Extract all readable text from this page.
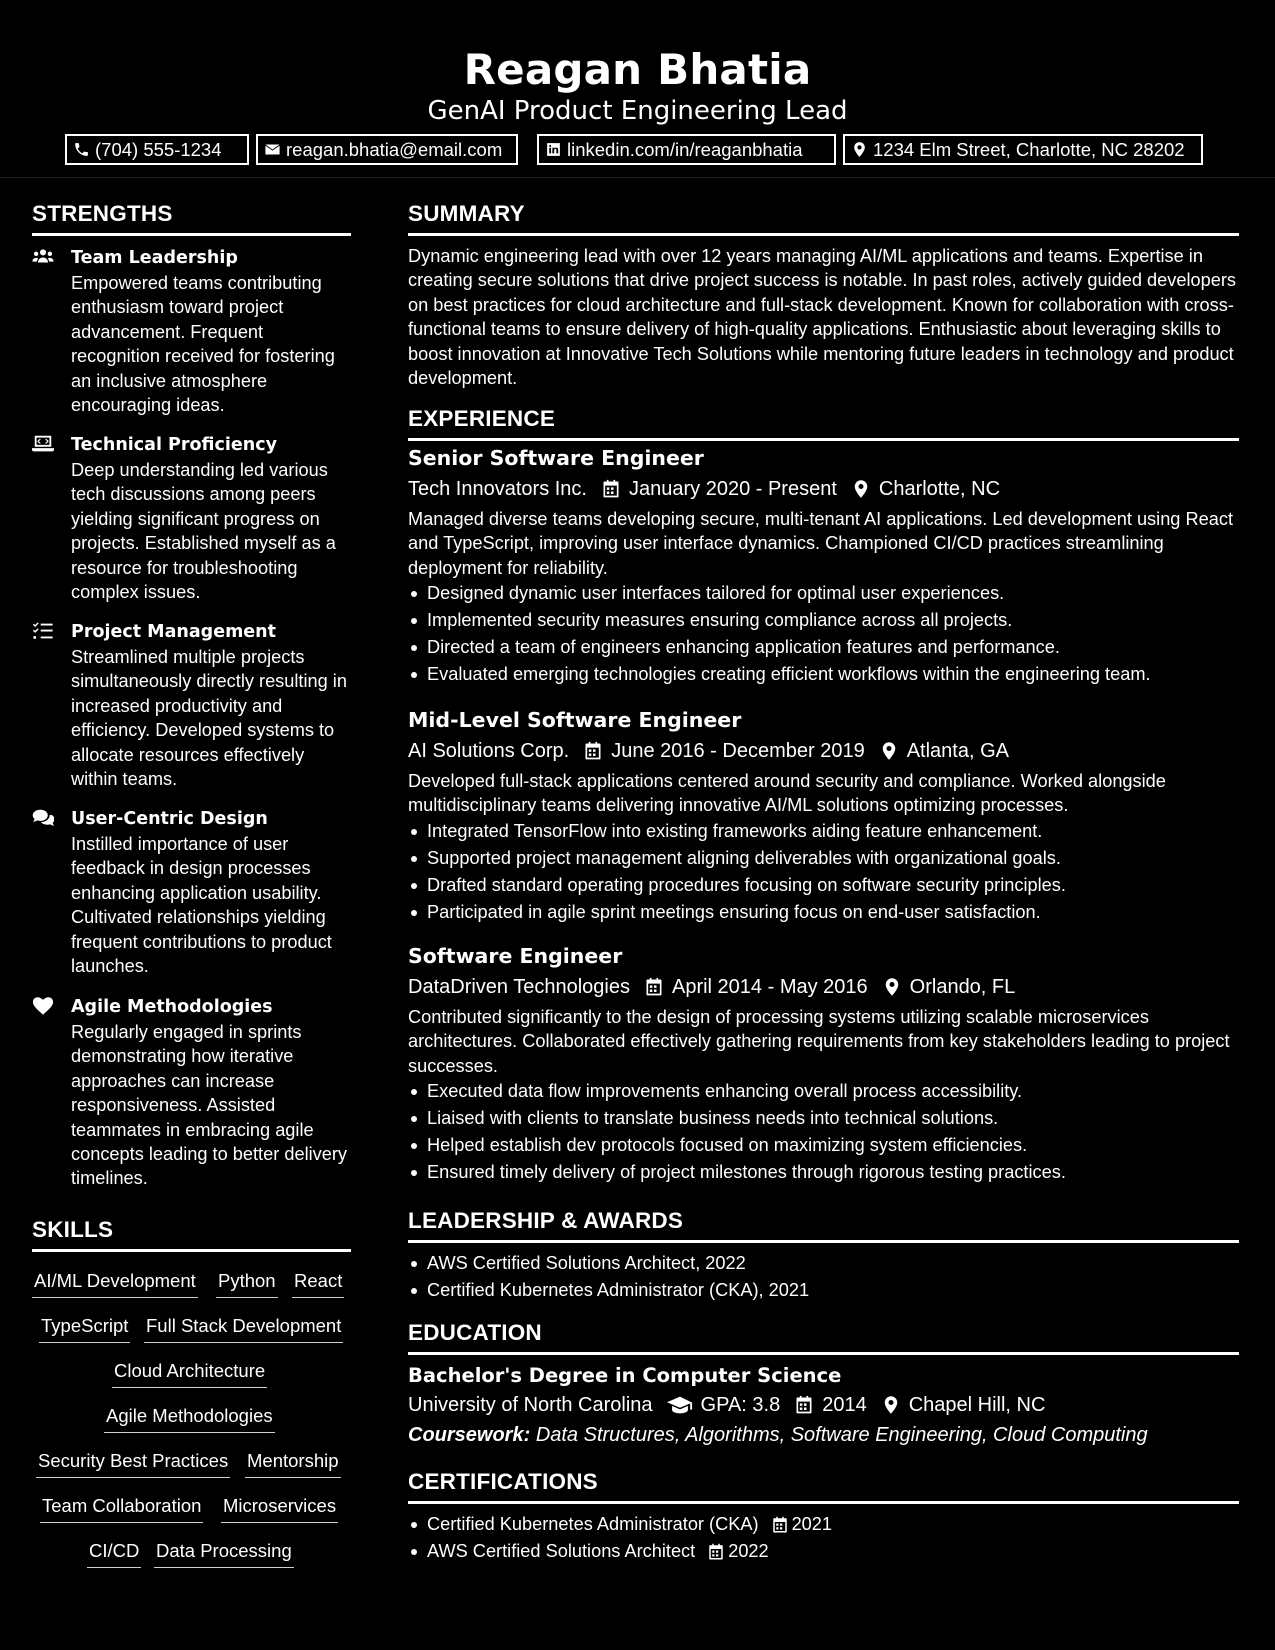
Reagan Bhatia
GenAI Product Engineering Lead
(704) 555-1234	reagan.bhatia@email.com	linkedin.com/in/reaganbhatia	1234 Elm Street, Charlotte, NC 28202
STRENGTHS
Team Leadership
Empowered teams contributing enthusiasm toward project advancement. Frequent recognition received for fostering an inclusive atmosphere encouraging ideas.
Technical Proficiency
Deep understanding led various tech discussions among peers yielding significant progress on projects. Established myself as a resource for troubleshooting complex issues.
Project Management
Streamlined multiple projects simultaneously directly resulting in increased productivity and efficiency. Developed systems to allocate resources effectively within teams.
User-Centric Design
Instilled importance of user feedback in design processes enhancing application usability. Cultivated relationships yielding frequent contributions to product launches.
Agile Methodologies
Regularly engaged in sprints demonstrating how iterative approaches can increase responsiveness. Assisted teammates in embracing agile concepts leading to better delivery timelines.
SKILLS
AI/ML Development Python React
TypeScript Full Stack Development
Cloud Architecture
Agile Methodologies
Security Best Practices Mentorship
Team Collaboration Microservices
CI/CD Data Processing
SUMMARY
Dynamic engineering lead with over 12 years managing AI/ML applications and teams. Expertise in creating secure solutions that drive project success is notable. In past roles, actively guided developers on best practices for cloud architecture and full-stack development. Known for collaboration with cross-functional teams to ensure delivery of high-quality applications. Enthusiastic about leveraging skills to boost innovation at Innovative Tech Solutions while mentoring future leaders in technology and product development.
EXPERIENCE
Senior Software Engineer
Tech Innovators Inc. January 2020 - Present Charlotte, NC
Managed diverse teams developing secure, multi-tenant AI applications. Led development using React and TypeScript, improving user interface dynamics. Championed CI/CD practices streamlining deployment for reliability.
Designed dynamic user interfaces tailored for optimal user experiences.
Implemented security measures ensuring compliance across all projects.
Directed a team of engineers enhancing application features and performance.
Evaluated emerging technologies creating efficient workflows within the engineering team.
Mid-Level Software Engineer
AI Solutions Corp. June 2016 - December 2019 Atlanta, GA
Developed full-stack applications centered around security and compliance. Worked alongside multidisciplinary teams delivering innovative AI/ML solutions optimizing processes.
Integrated TensorFlow into existing frameworks aiding feature enhancement.
Supported project management aligning deliverables with organizational goals.
Drafted standard operating procedures focusing on software security principles.
Participated in agile sprint meetings ensuring focus on end-user satisfaction.
Software Engineer
DataDriven Technologies April 2014 - May 2016 Orlando, FL
Contributed significantly to the design of processing systems utilizing scalable microservices architectures. Collaborated effectively gathering requirements from key stakeholders leading to project successes.
Executed data flow improvements enhancing overall process accessibility.
Liaised with clients to translate business needs into technical solutions.
Helped establish dev protocols focused on maximizing system efficiencies.
Ensured timely delivery of project milestones through rigorous testing practices.
LEADERSHIP & AWARDS
AWS Certified Solutions Architect, 2022
Certified Kubernetes Administrator (CKA), 2021
EDUCATION
Bachelor's Degree in Computer Science
University of North Carolina GPA: 3.8 2014 Chapel Hill, NC
Coursework: Data Structures, Algorithms, Software Engineering, Cloud Computing
CERTIFICATIONS
Certified Kubernetes Administrator (CKA) 2021
AWS Certified Solutions Architect 2022
